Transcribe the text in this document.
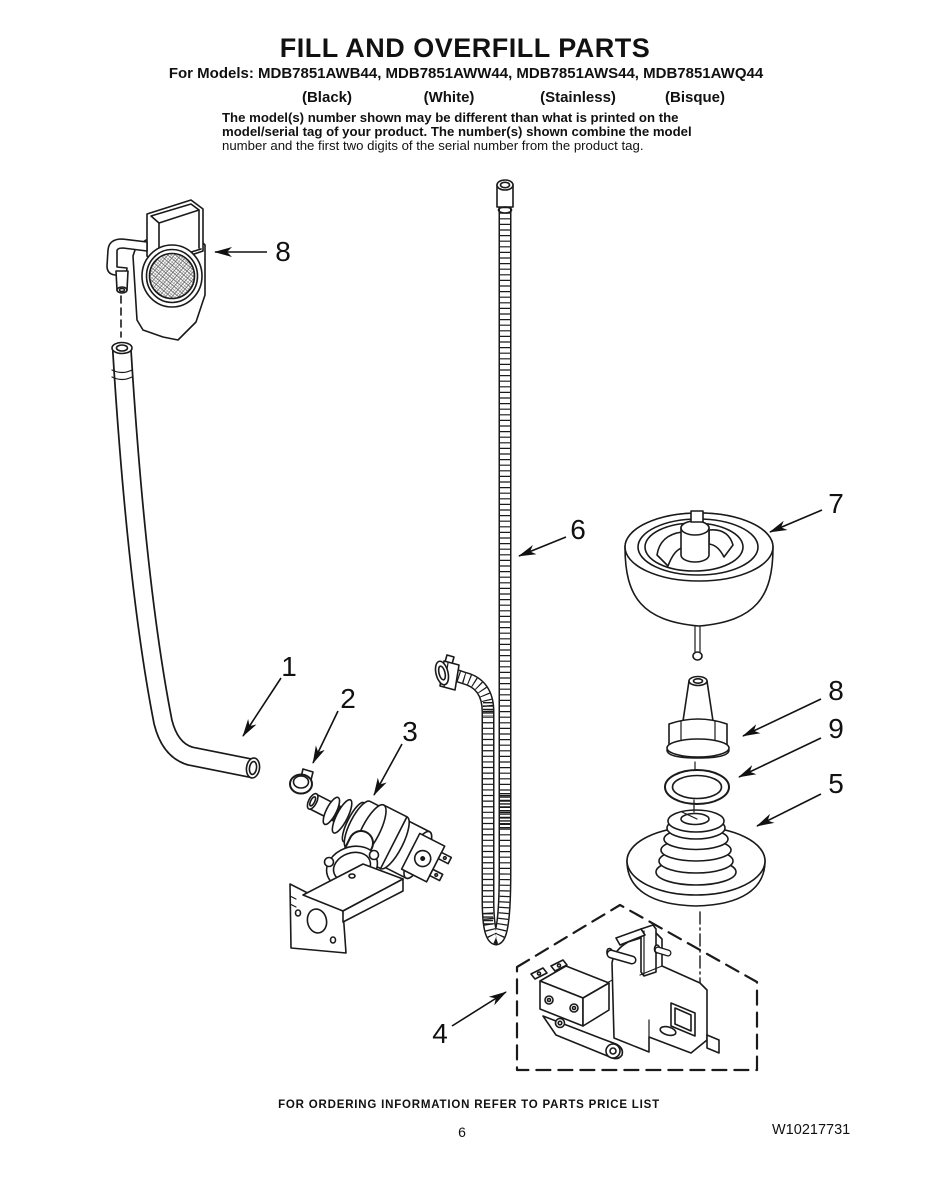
FILL AND OVERFILL PARTS
For Models: MDB7851AWB44, MDB7851AWW44, MDB7851AWS44, MDB7851AWQ44
(Black)	(White)	(Stainless)	(Bisque)
The model(s) number shown may be different than what is printed on the
model/serial tag of your product. The number(s) shown combine the model
number and the first two digits of the serial number from the product tag.
8
1
2
3
6
7
8
9
5
4
FOR ORDERING INFORMATION REFER TO PARTS PRICE LIST
6	W10217731
